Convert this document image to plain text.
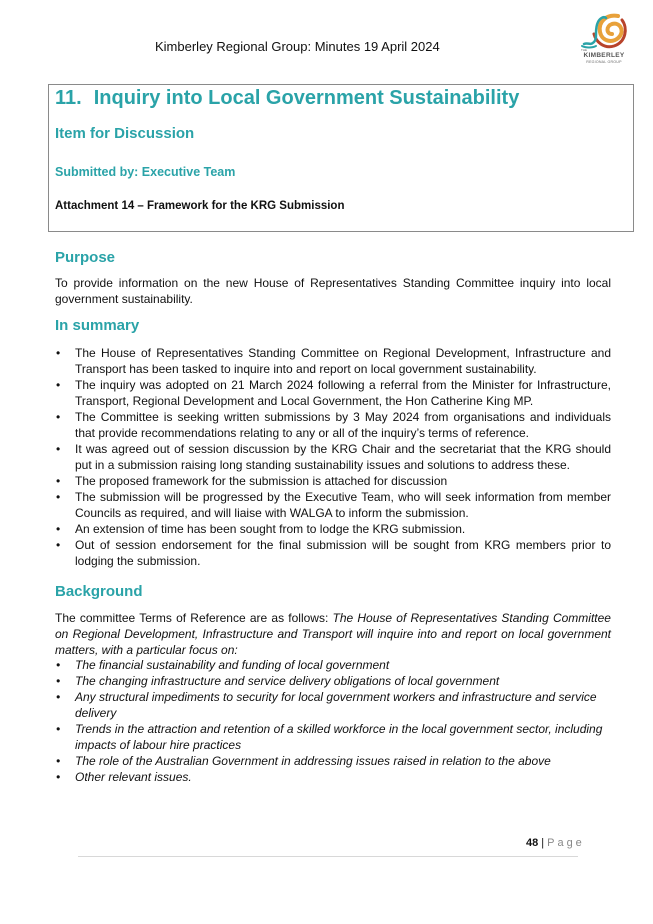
Kimberley Regional Group: Minutes 19 April 2024	THE
KIMBERLEY
REGIONAL GROUP
11. Inquiry into Local Government Sustainability
Item for Discussion
Submitted by: Executive Team
Attachment 14 – Framework for the KRG Submission
Purpose
To provide information on the new House of Representatives Standing Committee inquiry into local government sustainability.
In summary
• The House of Representatives Standing Committee on Regional Development, Infrastructure and Transport has been tasked to inquire into and report on local government sustainability.
• The inquiry was adopted on 21 March 2024 following a referral from the Minister for Infrastructure, Transport, Regional Development and Local Government, the Hon Catherine King MP.
• The Committee is seeking written submissions by 3 May 2024 from organisations and individuals that provide recommendations relating to any or all of the inquiry’s terms of reference.
• It was agreed out of session discussion by the KRG Chair and the secretariat that the KRG should put in a submission raising long standing sustainability issues and solutions to address these.
• The proposed framework for the submission is attached for discussion
• The submission will be progressed by the Executive Team, who will seek information from member Councils as required, and will liaise with WALGA to inform the submission.
• An extension of time has been sought from to lodge the KRG submission.
• Out of session endorsement for the final submission will be sought from KRG members prior to lodging the submission.
Background
The committee Terms of Reference are as follows: The House of Representatives Standing Committee on Regional Development, Infrastructure and Transport will inquire into and report on local government matters, with a particular focus on:
• The financial sustainability and funding of local government
• The changing infrastructure and service delivery obligations of local government
• Any structural impediments to security for local government workers and infrastructure and service delivery
• Trends in the attraction and retention of a skilled workforce in the local government sector, including impacts of labour hire practices
• The role of the Australian Government in addressing issues raised in relation to the above
• Other relevant issues.
48 | Page
